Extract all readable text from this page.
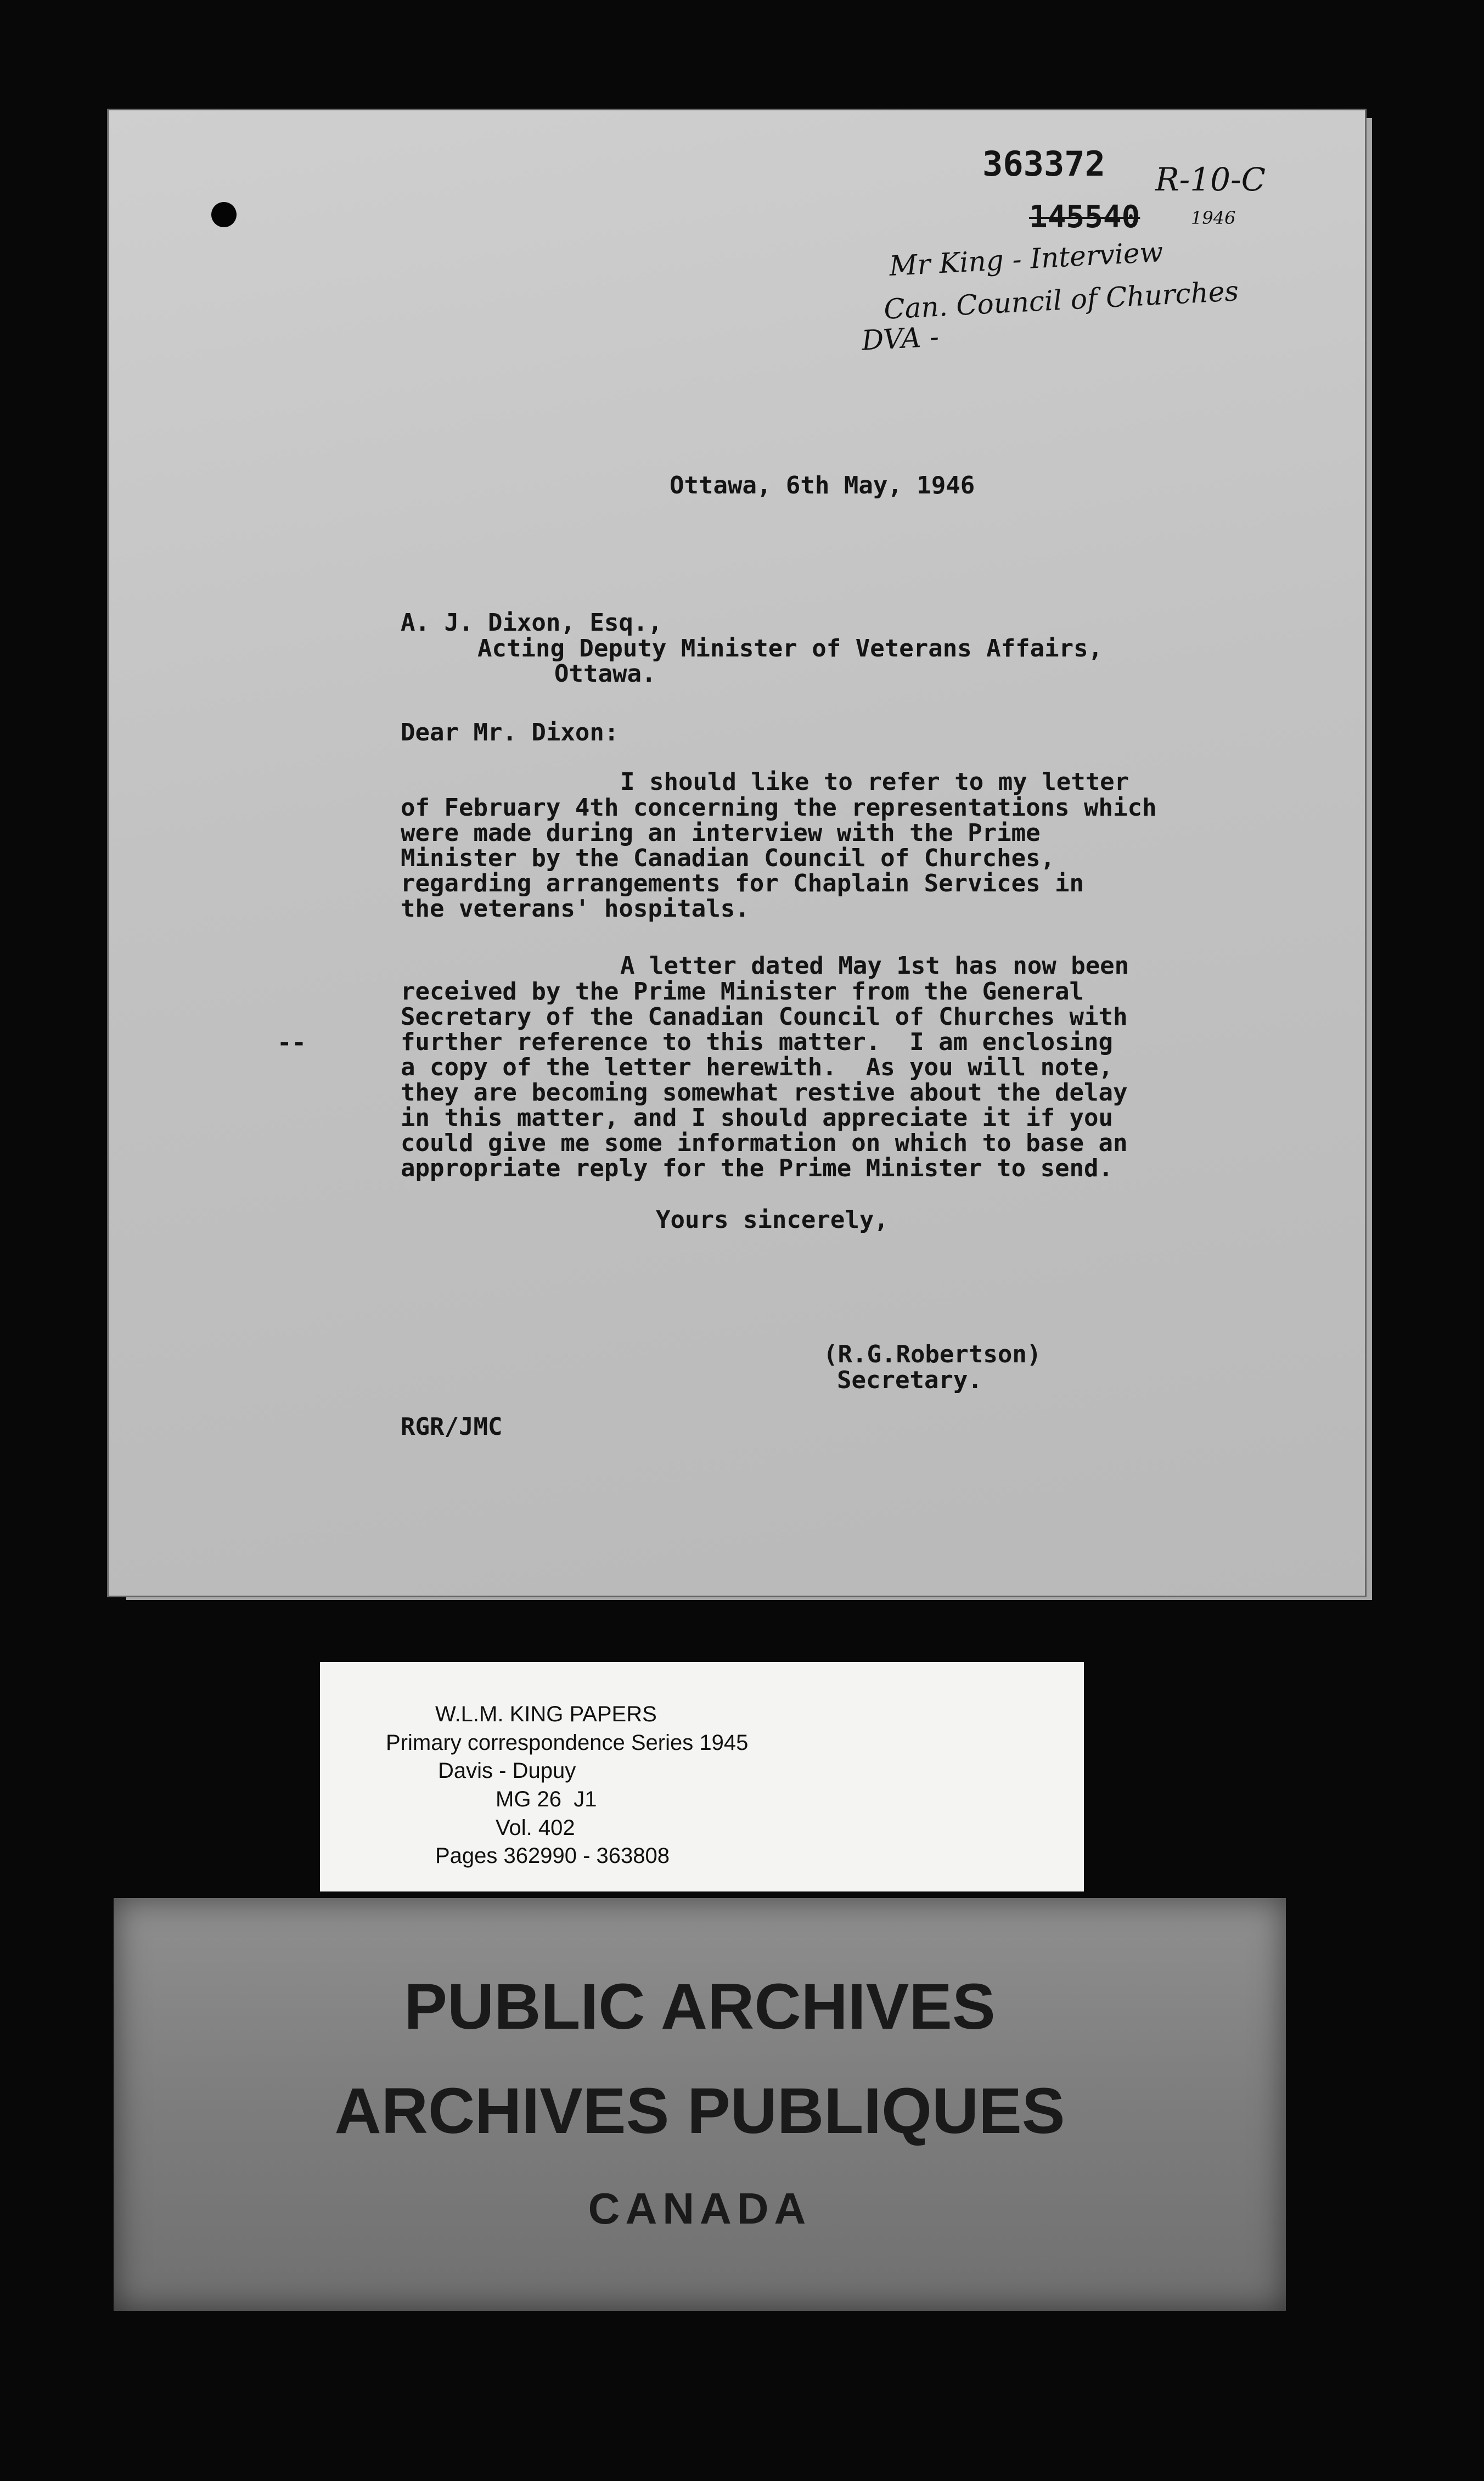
363372
145540
R-10-C
1946
Mr King - Interview
Can. Council of Churches
DVA -
Ottawa, 6th May, 1946
A. J. Dixon, Esq.,
Acting Deputy Minister of Veterans Affairs,
Ottawa.
Dear Mr. Dixon:
I should like to refer to my letter
of February 4th concerning the representations which
were made during an interview with the Prime
Minister by the Canadian Council of Churches,
regarding arrangements for Chaplain Services in
the veterans' hospitals.
A letter dated May 1st has now been
received by the Prime Minister from the General
Secretary of the Canadian Council of Churches with
further reference to this matter.  I am enclosing
a copy of the letter herewith.  As you will note,
they are becoming somewhat restive about the delay
in this matter, and I should appreciate it if you
could give me some information on which to base an
appropriate reply for the Prime Minister to send.
--
Yours sincerely,
(R.G.Robertson)
Secretary.
RGR/JMC
W.L.M. KING PAPERS
Primary correspondence Series 1945
Davis - Dupuy
MG 26  J1
Vol. 402
Pages 362990 - 363808
PUBLIC ARCHIVES
ARCHIVES PUBLIQUES
CANADA
